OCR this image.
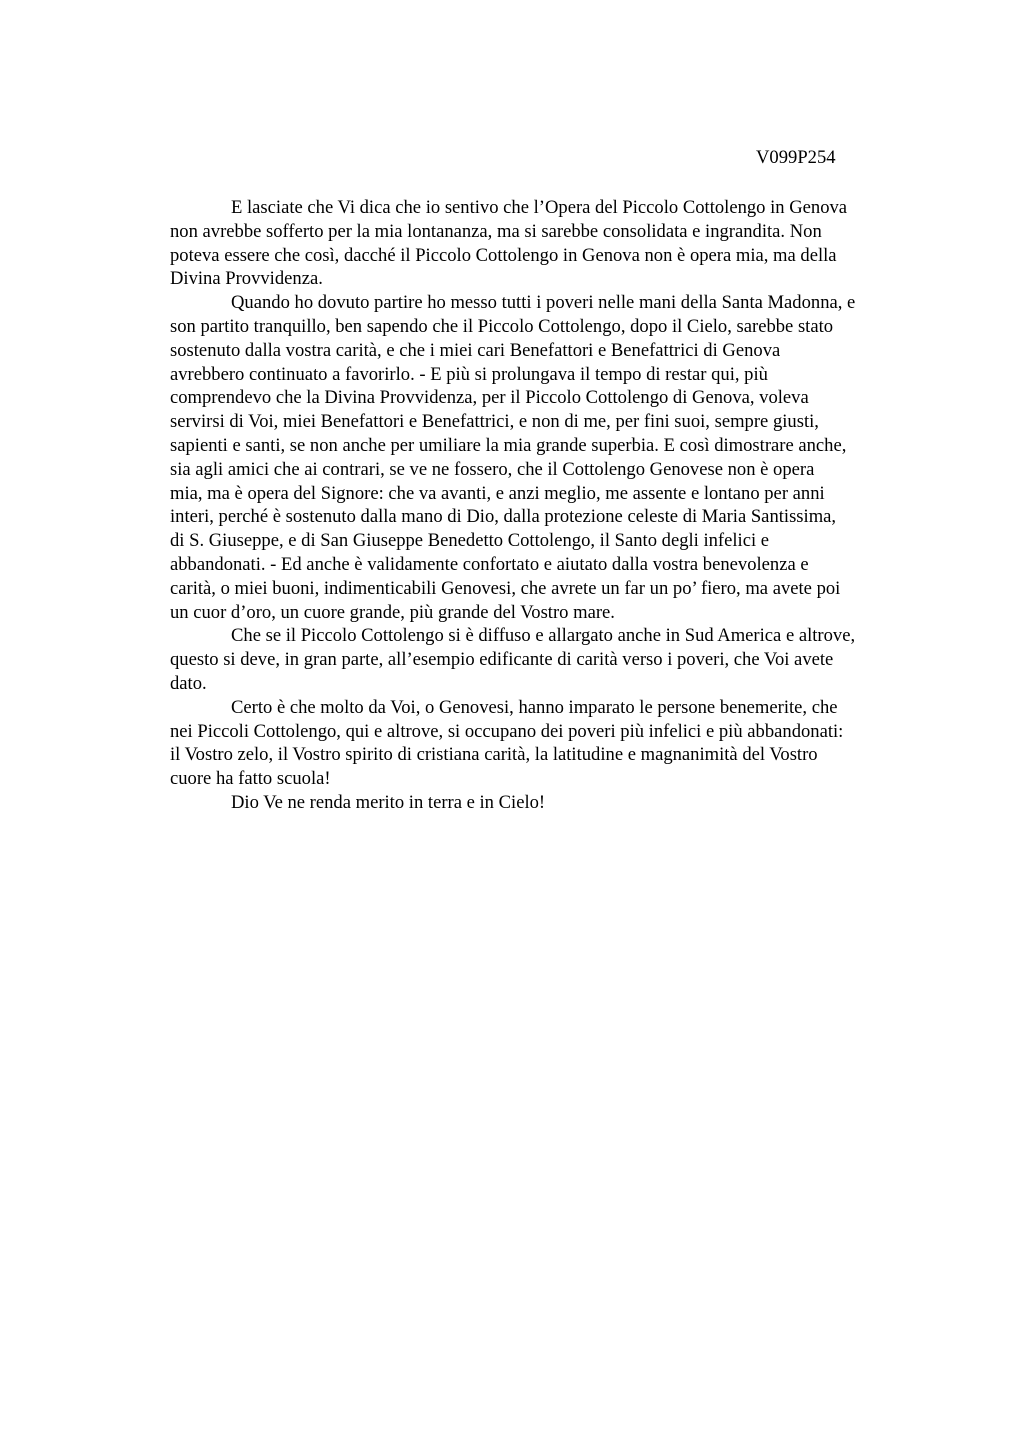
V099P254
E lasciate che Vi dica che io sentivo che l’Opera del Piccolo Cottolengo in Genova
non avrebbe sofferto per la mia lontananza, ma si sarebbe consolidata e ingrandita. Non
poteva essere che così, dacché il Piccolo Cottolengo in Genova non è opera mia, ma della
Divina Provvidenza.
Quando ho dovuto partire ho messo tutti i poveri nelle mani della Santa Madonna, e
son partito tranquillo, ben sapendo che il Piccolo Cottolengo, dopo il Cielo, sarebbe stato
sostenuto dalla vostra carità, e che i miei cari Benefattori e Benefattrici di Genova
avrebbero continuato a favorirlo. - E più si prolungava il tempo di restar qui, più
comprendevo che la Divina Provvidenza, per il Piccolo Cottolengo di Genova, voleva
servirsi di Voi, miei Benefattori e Benefattrici, e non di me, per fini suoi, sempre giusti,
sapienti e santi, se non anche per umiliare la mia grande superbia. E così dimostrare anche,
sia agli amici che ai contrari, se ve ne fossero, che il Cottolengo Genovese non è opera
mia, ma è opera del Signore: che va avanti, e anzi meglio, me assente e lontano per anni
interi, perché è sostenuto dalla mano di Dio, dalla protezione celeste di Maria Santissima,
di S. Giuseppe, e di San Giuseppe Benedetto Cottolengo, il Santo degli infelici e
abbandonati. - Ed anche è validamente confortato e aiutato dalla vostra benevolenza e
carità, o miei buoni, indimenticabili Genovesi, che avrete un far un po’ fiero, ma avete poi
un cuor d’oro, un cuore grande, più grande del Vostro mare.
Che se il Piccolo Cottolengo si è diffuso e allargato anche in Sud America e altrove,
questo si deve, in gran parte, all’esempio edificante di carità verso i poveri, che Voi avete
dato.
Certo è che molto da Voi, o Genovesi, hanno imparato le persone benemerite, che
nei Piccoli Cottolengo, qui e altrove, si occupano dei poveri più infelici e più abbandonati:
il Vostro zelo, il Vostro spirito di cristiana carità, la latitudine e magnanimità del Vostro
cuore ha fatto scuola!
Dio Ve ne renda merito in terra e in Cielo!
